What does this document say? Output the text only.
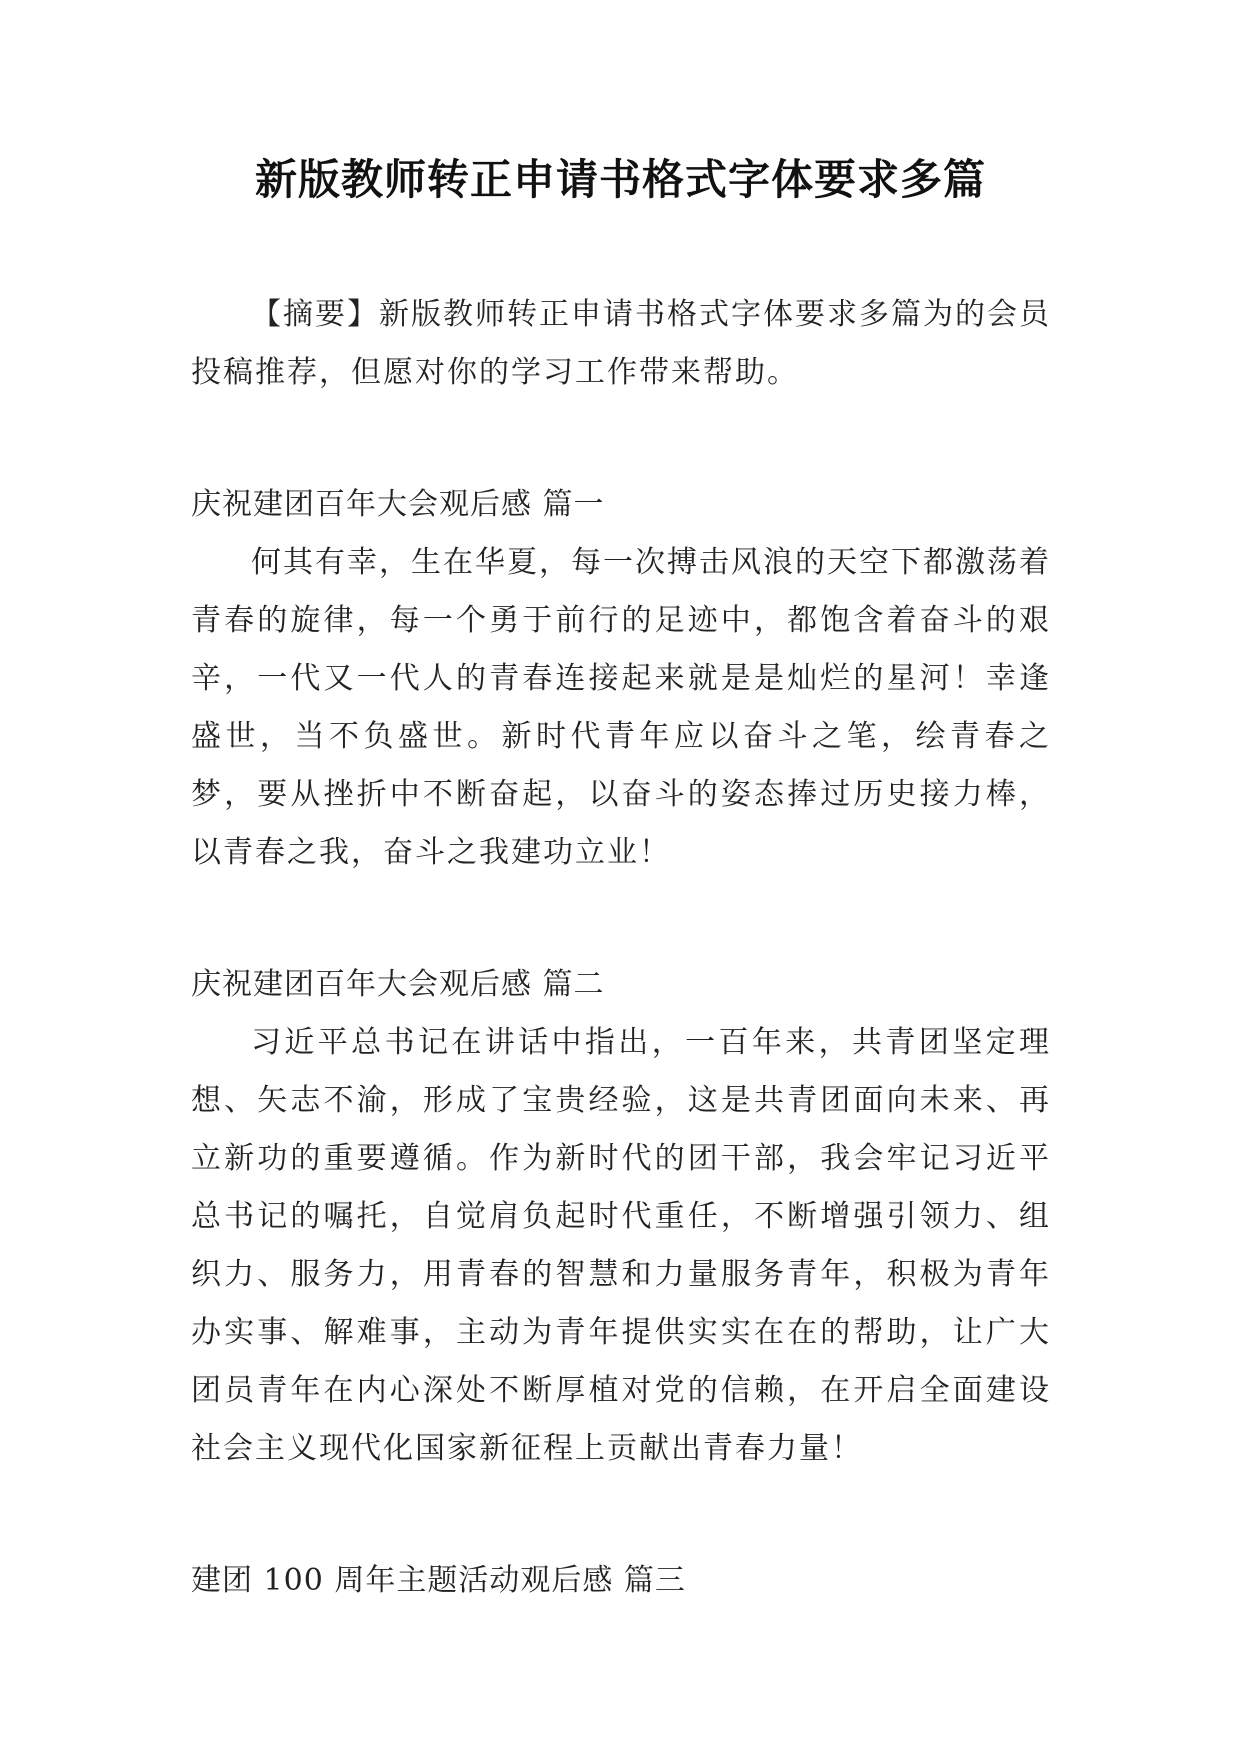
新版教师转正申请书格式字体要求多篇

【摘要】新版教师转正申请书格式字体要求多篇为的会员投稿推荐，但愿对你的学习工作带来帮助。

庆祝建团百年大会观后感 篇一

何其有幸，生在华夏，每一次搏击风浪的天空下都激荡着青春的旋律，每一个勇于前行的足迹中，都饱含着奋斗的艰辛，一代又一代人的青春连接起来就是是灿烂的星河！幸逢盛世，当不负盛世。新时代青年应以奋斗之笔，绘青春之梦，要从挫折中不断奋起，以奋斗的姿态捧过历史接力棒，以青春之我，奋斗之我建功立业！

庆祝建团百年大会观后感 篇二

习近平总书记在讲话中指出，一百年来，共青团坚定理想、矢志不渝，形成了宝贵经验，这是共青团面向未来、再立新功的重要遵循。作为新时代的团干部，我会牢记习近平总书记的嘱托，自觉肩负起时代重任，不断增强引领力、组织力、服务力，用青春的智慧和力量服务青年，积极为青年办实事、解难事，主动为青年提供实实在在的帮助，让广大团员青年在内心深处不断厚植对党的信赖，在开启全面建设社会主义现代化国家新征程上贡献出青春力量！

建团 100 周年主题活动观后感 篇三
